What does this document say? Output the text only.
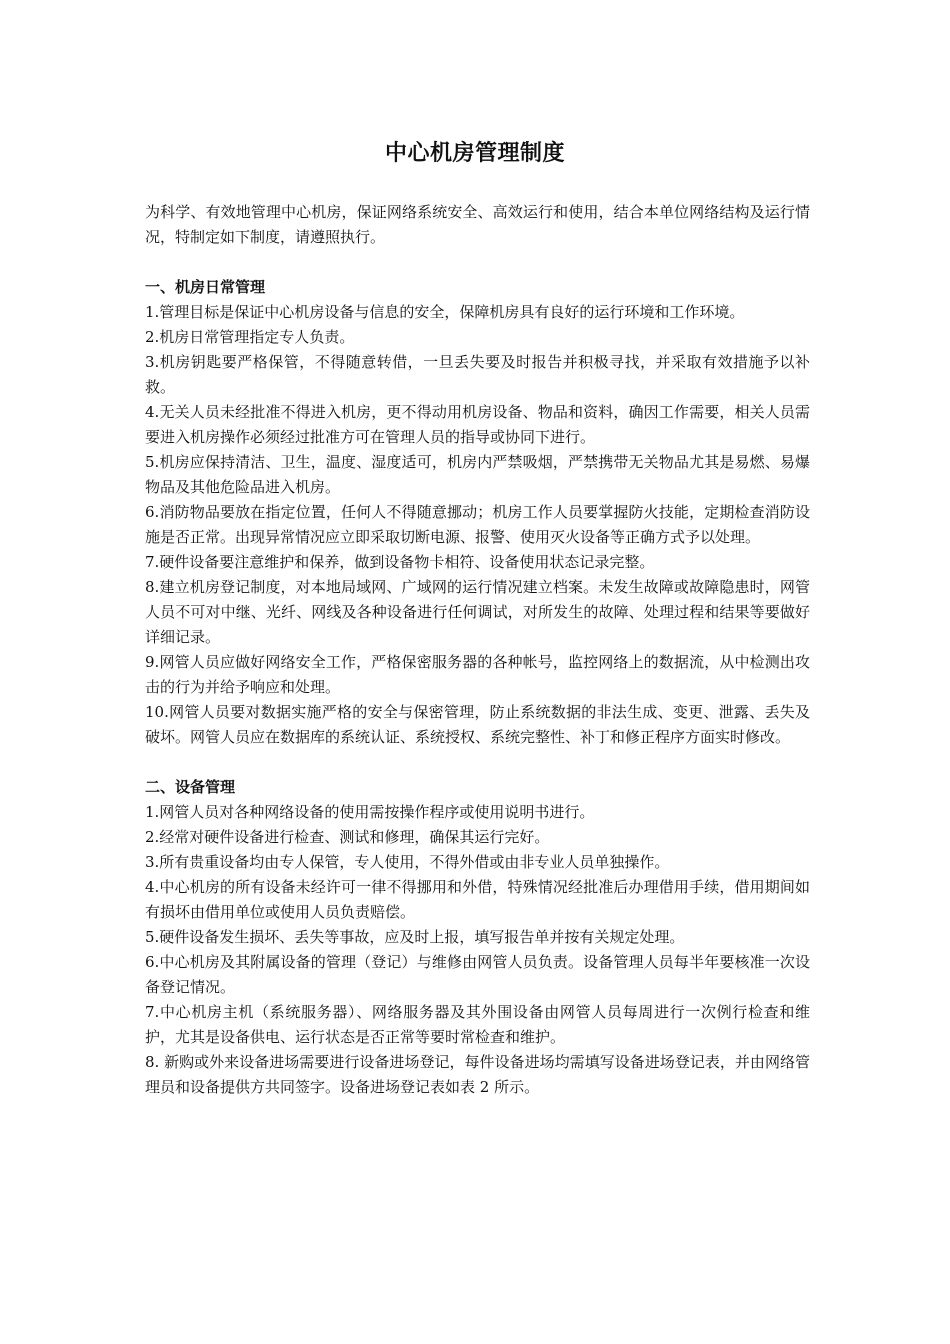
中心机房管理制度

为科学、有效地管理中心机房，保证网络系统安全、高效运行和使用，结合本单位网络结构及运行情况，特制定如下制度，请遵照执行。

一、机房日常管理

1.管理目标是保证中心机房设备与信息的安全，保障机房具有良好的运行环境和工作环境。

2.机房日常管理指定专人负责。

3.机房钥匙要严格保管，不得随意转借，一旦丢失要及时报告并积极寻找，并采取有效措施予以补救。

4.无关人员未经批准不得进入机房，更不得动用机房设备、物品和资料，确因工作需要，相关人员需要进入机房操作必须经过批准方可在管理人员的指导或协同下进行。

5.机房应保持清洁、卫生，温度、湿度适可，机房内严禁吸烟，严禁携带无关物品尤其是易燃、易爆物品及其他危险品进入机房。

6.消防物品要放在指定位置，任何人不得随意挪动；机房工作人员要掌握防火技能，定期检查消防设施是否正常。出现异常情况应立即采取切断电源、报警、使用灭火设备等正确方式予以处理。

7.硬件设备要注意维护和保养，做到设备物卡相符、设备使用状态记录完整。

8.建立机房登记制度，对本地局域网、广域网的运行情况建立档案。未发生故障或故障隐患时，网管人员不可对中继、光纤、网线及各种设备进行任何调试，对所发生的故障、处理过程和结果等要做好详细记录。

9.网管人员应做好网络安全工作，严格保密服务器的各种帐号，监控网络上的数据流，从中检测出攻击的行为并给予响应和处理。

10.网管人员要对数据实施严格的安全与保密管理，防止系统数据的非法生成、变更、泄露、丢失及破坏。网管人员应在数据库的系统认证、系统授权、系统完整性、补丁和修正程序方面实时修改。

二、设备管理

1.网管人员对各种网络设备的使用需按操作程序或使用说明书进行。

2.经常对硬件设备进行检查、测试和修理，确保其运行完好。

3.所有贵重设备均由专人保管，专人使用，不得外借或由非专业人员单独操作。

4.中心机房的所有设备未经许可一律不得挪用和外借，特殊情况经批准后办理借用手续，借用期间如有损坏由借用单位或使用人员负责赔偿。

5.硬件设备发生损坏、丢失等事故，应及时上报，填写报告单并按有关规定处理。

6.中心机房及其附属设备的管理（登记）与维修由网管人员负责。设备管理人员每半年要核准一次设备登记情况。

7.中心机房主机（系统服务器）、网络服务器及其外围设备由网管人员每周进行一次例行检查和维护，尤其是设备供电、运行状态是否正常等要时常检查和维护。

8. 新购或外来设备进场需要进行设备进场登记，每件设备进场均需填写设备进场登记表，并由网络管理员和设备提供方共同签字。设备进场登记表如表 2 所示。
